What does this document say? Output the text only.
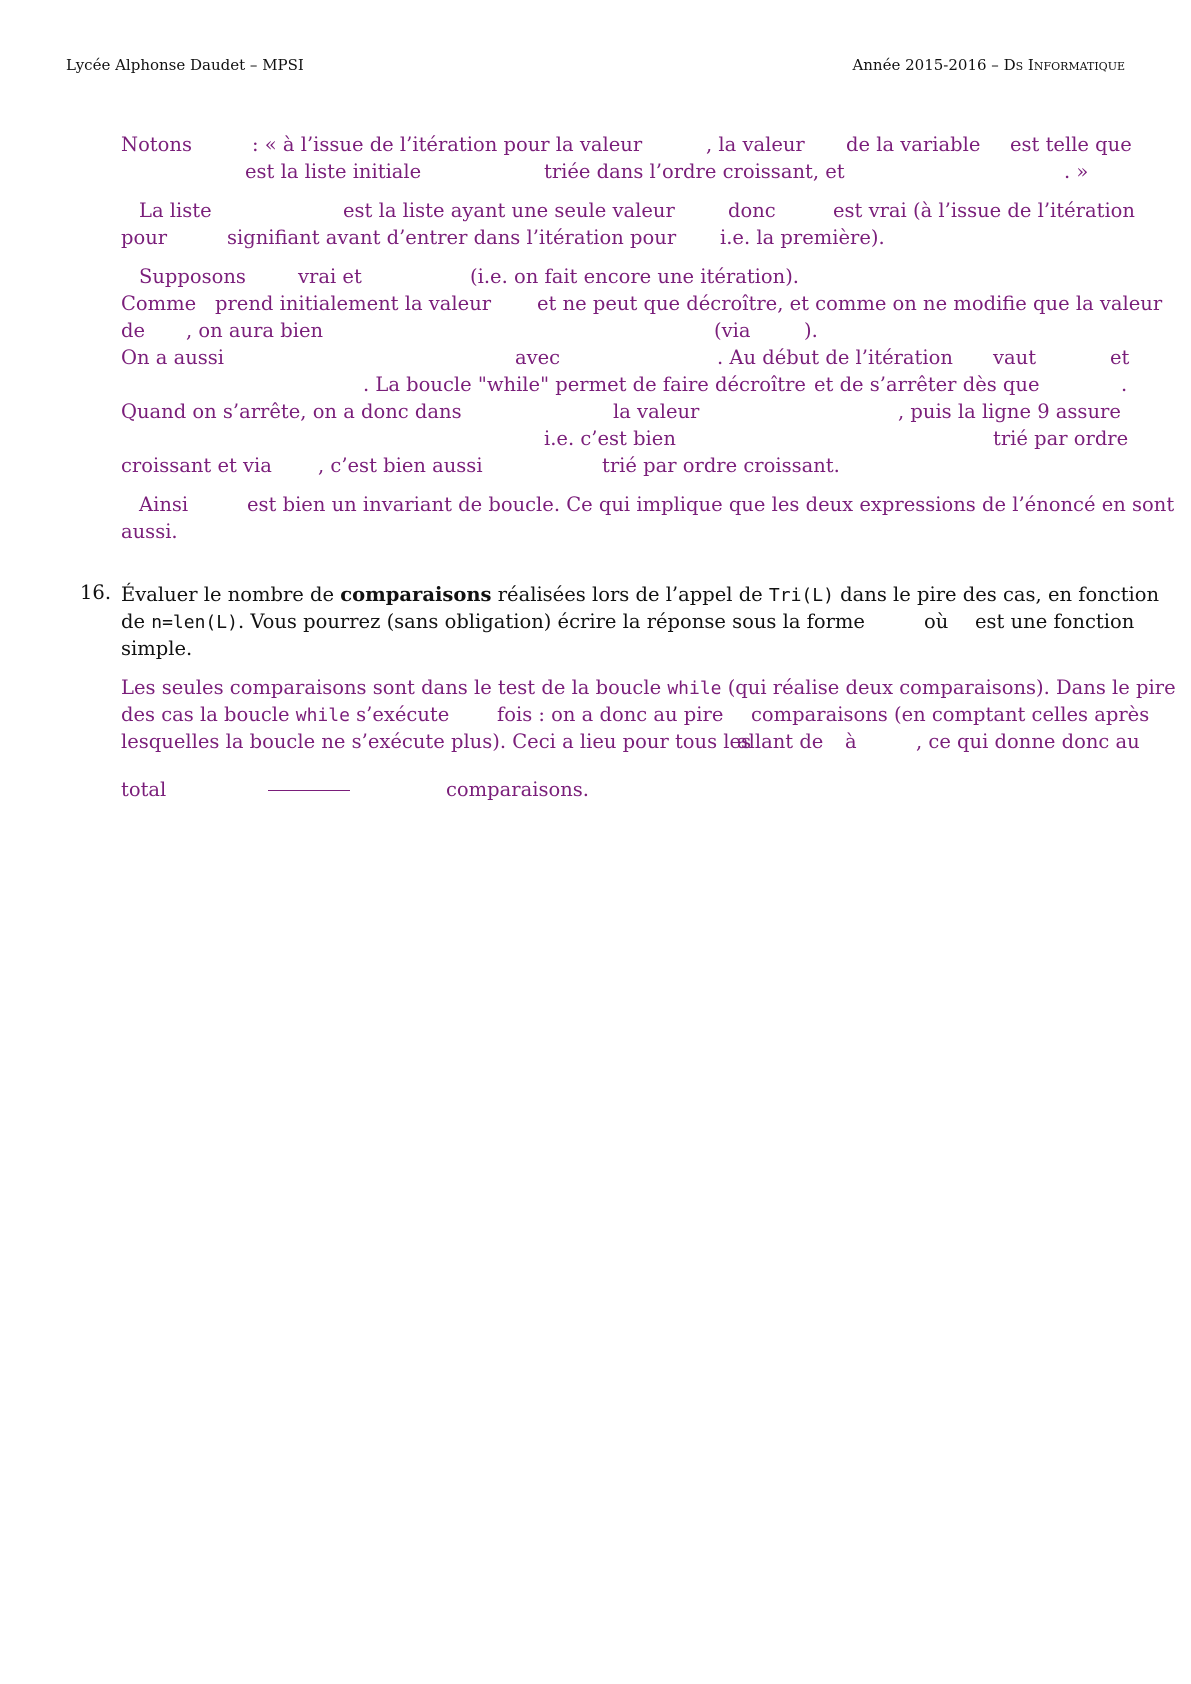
Lycée Alphonse Daudet – MPSI	Année 2015-2016 – Ds Informatique
Notons	: « à l’issue de l’itération pour la valeur	, la valeur de la variable est telle que
est la liste initiale	triée dans l’ordre croissant, et	. »
La liste	est la liste ayant une seule valeur	donc	est vrai (à l’issue de l’itération
pour	signifiant avant d’entrer dans l’itération pour i.e. la première).
Supposons	vrai et	(i.e. on fait encore une itération).
Comme prend initialement la valeur et ne peut que décroître, et comme on ne modifie que la valeur
de , on aura bien	(via	).
On a aussi	avec	. Au début de l’itération vaut	et
. La boucle "while" permet de faire décroître et de s’arrêter dès que	.
Quand on s’arrête, on a donc dans	la valeur	, puis la ligne 9 assure
i.e. c’est bien	trié par ordre
croissant et via , c’est bien aussi	trié par ordre croissant.
Ainsi	est bien un invariant de boucle. Ce qui implique que les deux expressions de l’énoncé en sont
aussi.
16. Évaluer le nombre de comparaisons réalisées lors de l’appel de Tri(L) dans le pire des cas, en fonction
de n=len(L). Vous pourrez (sans obligation) écrire la réponse sous la forme	où est une fonction
simple.
Les seules comparaisons sont dans le test de la boucle while (qui réalise deux comparaisons). Dans le pire
des cas la boucle while s’exécute fois : on a donc au pire comparaisons (en comptant celles après
lesquelles la boucle ne s’exécute plus). Ceci a lieu pour tous les
allant de à	, ce qui donne donc au
total	comparaisons.
